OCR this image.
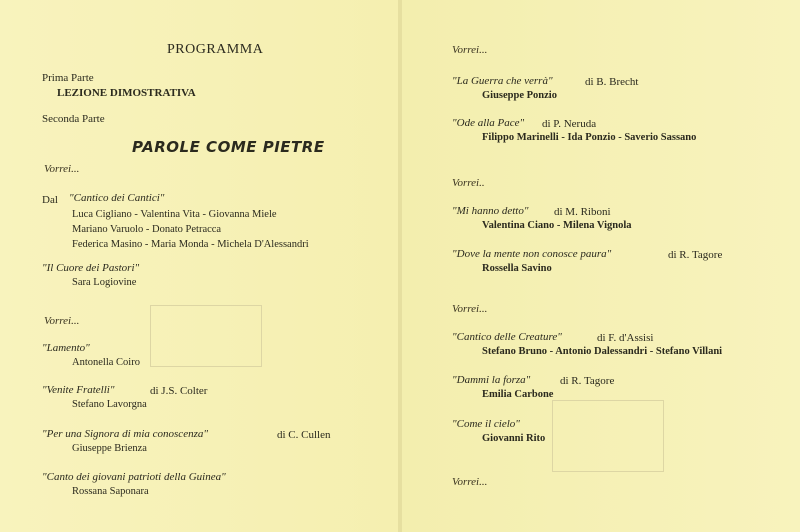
PROGRAMMA
Prima Parte
LEZIONE DIMOSTRATIVA
Seconda Parte
PAROLE COME PIETRE
Vorrei...
Dal "Cantico dei Cantici"
Luca Cigliano - Valentina Vita - Giovanna Miele
Mariano Varuolo - Donato Petracca
Federica Masino - Maria Monda - Michela D'Alessandri
"Il Cuore dei Pastori"
Sara Logiovine
Vorrei...
"Lamento"
Antonella Coiro
"Venite Fratelli"	di J.S. Colter
Stefano Lavorgna
"Per una Signora di mia conoscenza"	di C. Cullen
Giuseppe Brienza
"Canto dei giovani patrioti della Guinea"
Rossana Saponara
Vorrei...
"La Guerra che verrà"	di B. Brecht
Giuseppe Ponzio
"Ode alla Pace" di P. Neruda
Filippo Marinelli - Ida Ponzio - Saverio Sassano
Vorrei..
"Mi hanno detto" di M. Riboni
Valentina Ciano - Milena Vignola
"Dove la mente non conosce paura"	di R. Tagore
Rossella Savino
Vorrei...
"Cantico delle Creature"	di F. d'Assisi
Stefano Bruno - Antonio Dalessandri - Stefano Villani
"Dammi la forza"	di R. Tagore
Emilia Carbone
"Come il cielo"
Giovanni Rito
Vorrei...
